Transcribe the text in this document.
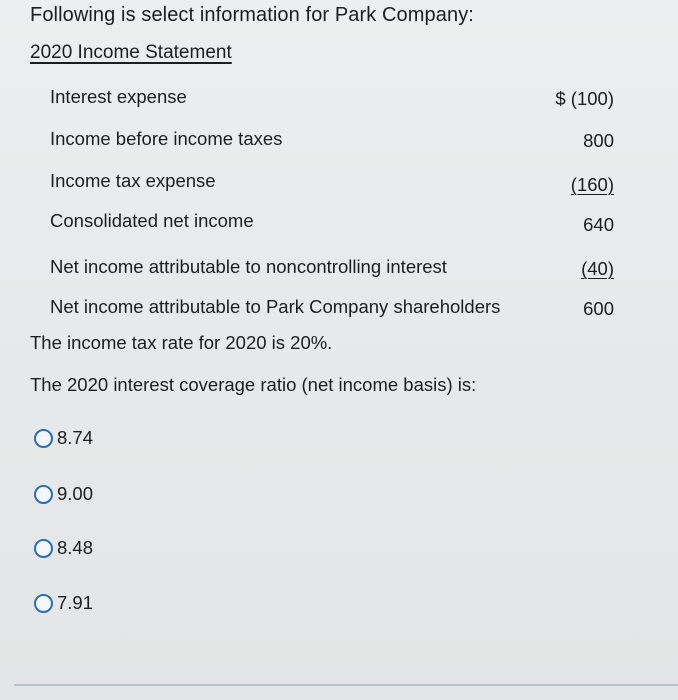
Following is select information for Park Company:
2020 Income Statement
Interest expense	$ (100)
Income before income taxes	800
Income tax expense	(160)
Consolidated net income	640
Net income attributable to noncontrolling interest	(40)
Net income attributable to Park Company shareholders	600
The income tax rate for 2020 is 20%.
The 2020 interest coverage ratio (net income basis) is:
8.74
9.00
8.48
7.91
